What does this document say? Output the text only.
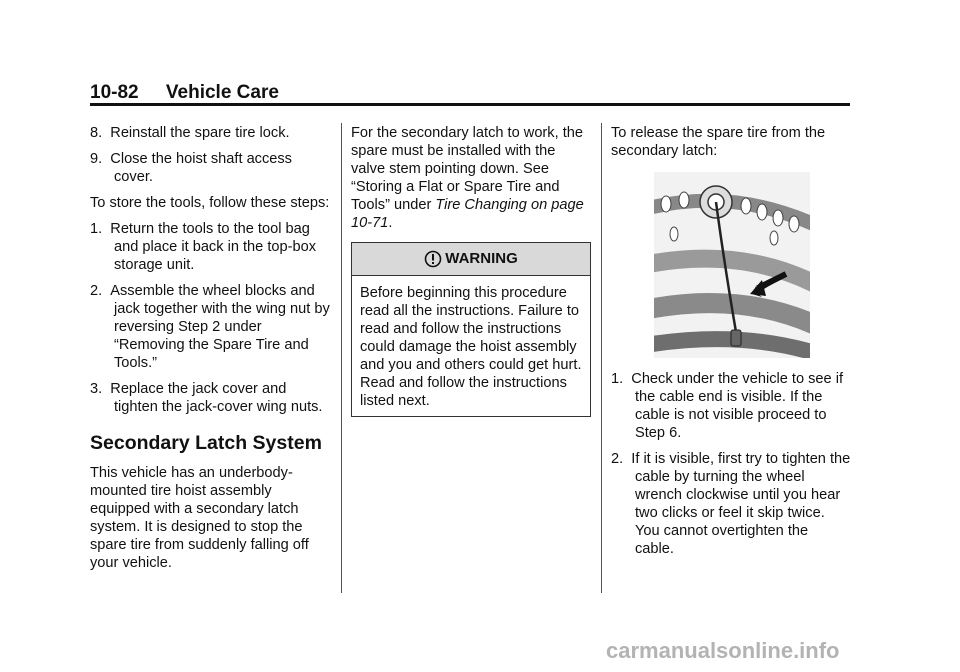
10-82 Vehicle Care
8. Reinstall the spare tire lock.
9. Close the hoist shaft access cover.

To store the tools, follow these steps:

1. Return the tools to the tool bag and place it back in the top-box storage unit.
2. Assemble the wheel blocks and jack together with the wing nut by reversing Step 2 under “Removing the Spare Tire and Tools.”
3. Replace the jack cover and tighten the jack-cover wing nuts.
Secondary Latch System

This vehicle has an underbody-mounted tire hoist assembly equipped with a secondary latch system. It is designed to stop the spare tire from suddenly falling off your vehicle.

For the secondary latch to work, the spare must be installed with the valve stem pointing down. See “Storing a Flat or Spare Tire and Tools” under Tire Changing on page 10-71.

WARNING
Before beginning this procedure read all the instructions. Failure to read and follow the instructions could damage the hoist assembly and you and others could get hurt. Read and follow the instructions listed next.

To release the spare tire from the secondary latch:

1. Check under the vehicle to see if the cable end is visible. If the cable is not visible proceed to Step 6.
2. If it is visible, first try to tighten the cable by turning the wheel wrench clockwise until you hear two clicks or feel it skip twice. You cannot overtighten the cable.
carmanualsonline.info
